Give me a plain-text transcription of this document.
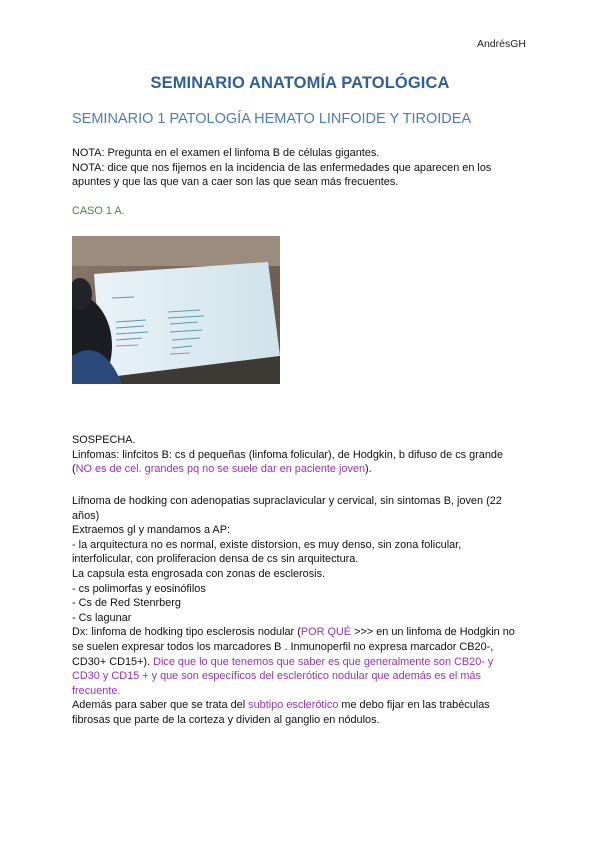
AndrésGH
SEMINARIO ANATOMÍA PATOLÓGICA
SEMINARIO 1 PATOLOGÍA HEMATO LINFOIDE Y TIROIDEA

NOTA: Pregunta en el examen el linfoma B de células gigantes.

NOTA: dice que nos fijemos en la incidencia de las enfermedades que aparecen en los

apuntes y que las que van a caer son las que sean más frecuentes.

CASO 1 A.

SOSPECHA.

Linfomas: linfcitos B: cs d pequeñas (linfoma folicular), de Hodgkin, b difuso de cs grande

(NO es de cel. grandes pq no se suele dar en paciente joven).

Lifnoma de hodking con adenopatias supraclavicular y cervical, sin sintomas B, joven (22

años)

Extraemos gl y mandamos a AP:

- la arquitectura no es normal, existe distorsion, es muy denso, sin zona folicular,

interfolicular, con proliferacion densa de cs sin arquitectura.

La capsula esta engrosada con zonas de esclerosis.

- cs polimorfas y eosinófilos

- Cs de Red Stenrberg

- Cs lagunar

Dx: linfoma de hodking tipo esclerosis nodular (POR QUÉ >>> en un linfoma de Hodgkin no

se suelen expresar todos los marcadores B . Inmunoperfil no expresa marcador CB20-,

CD30+ CD15+). Dice que lo que tenemos que saber es que generalmente son CB20- y

CD30 y CD15 + y que son específicos del esclerótico nodular que además es el más

frecuente.

Además para saber que se trata del subtipo esclerótico me debo fijar en las trabéculas

fibrosas que parte de la corteza y dividen al ganglio en nódulos.
